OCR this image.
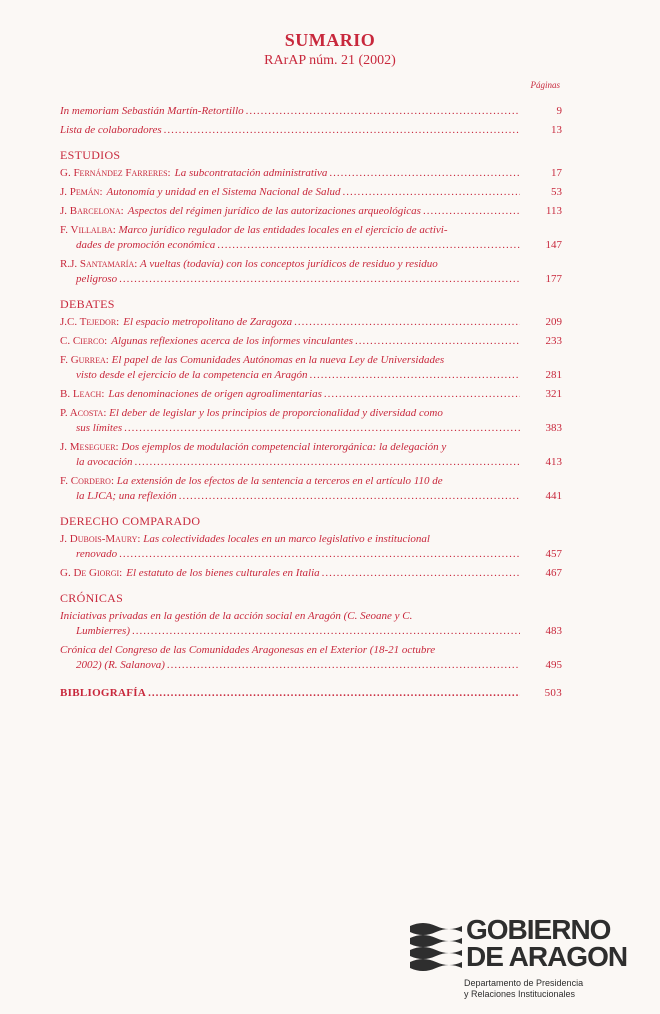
SUMARIO
RArAP núm. 21 (2002)
Páginas
In memoriam Sebastián Martín-Retortillo .....	9
Lista de colaboradores .....	13
ESTUDIOS
G. Fernández Farreres: La subcontratación administrativa .....	17
J. Pemán: Autonomía y unidad en el Sistema Nacional de Salud .....	53
J. Barcelona: Aspectos del régimen jurídico de las autorizaciones arqueológicas .....	113
F. Villalba: Marco jurídico regulador de las entidades locales en el ejercicio de activi-
dades de promoción económica .....	147
R.J. Santamaría: A vueltas (todavía) con los conceptos jurídicos de residuo y residuo
peligroso .....	177
DEBATES
J.C. Tejedor: El espacio metropolitano de Zaragoza .....	209
C. Cierco: Algunas reflexiones acerca de los informes vinculantes .....	233
F. Gurrea: El papel de las Comunidades Autónomas en la nueva Ley de Universidades
visto desde el ejercicio de la competencia en Aragón .....	281
B. Leach: Las denominaciones de origen agroalimentarias .....	321
P. Acosta: El deber de legislar y los principios de proporcionalidad y diversidad como
sus límites .....	383
J. Meseguer: Dos ejemplos de modulación competencial interorgánica: la delegación y
la avocación .....	413
F. Cordero: La extensión de los efectos de la sentencia a terceros en el artículo 110 de
la LJCA; una reflexión .....	441
DERECHO COMPARADO
J. Dubois-Maury: Las colectividades locales en un marco legislativo e institucional
renovado .....	457
G. De Giorgi: El estatuto de los bienes culturales en Italia .....	467
CRÓNICAS
Iniciativas privadas en la gestión de la acción social en Aragón (C. Seoane y C.
Lumbierres) .....	483
Crónica del Congreso de las Comunidades Aragonesas en el Exterior (18-21 octubre
2002) (R. Salanova) .....	495
BIBLIOGRAFÍA .....	503
GOBIERNO
DE ARAGON
Departamento de Presidencia
y Relaciones Institucionales
